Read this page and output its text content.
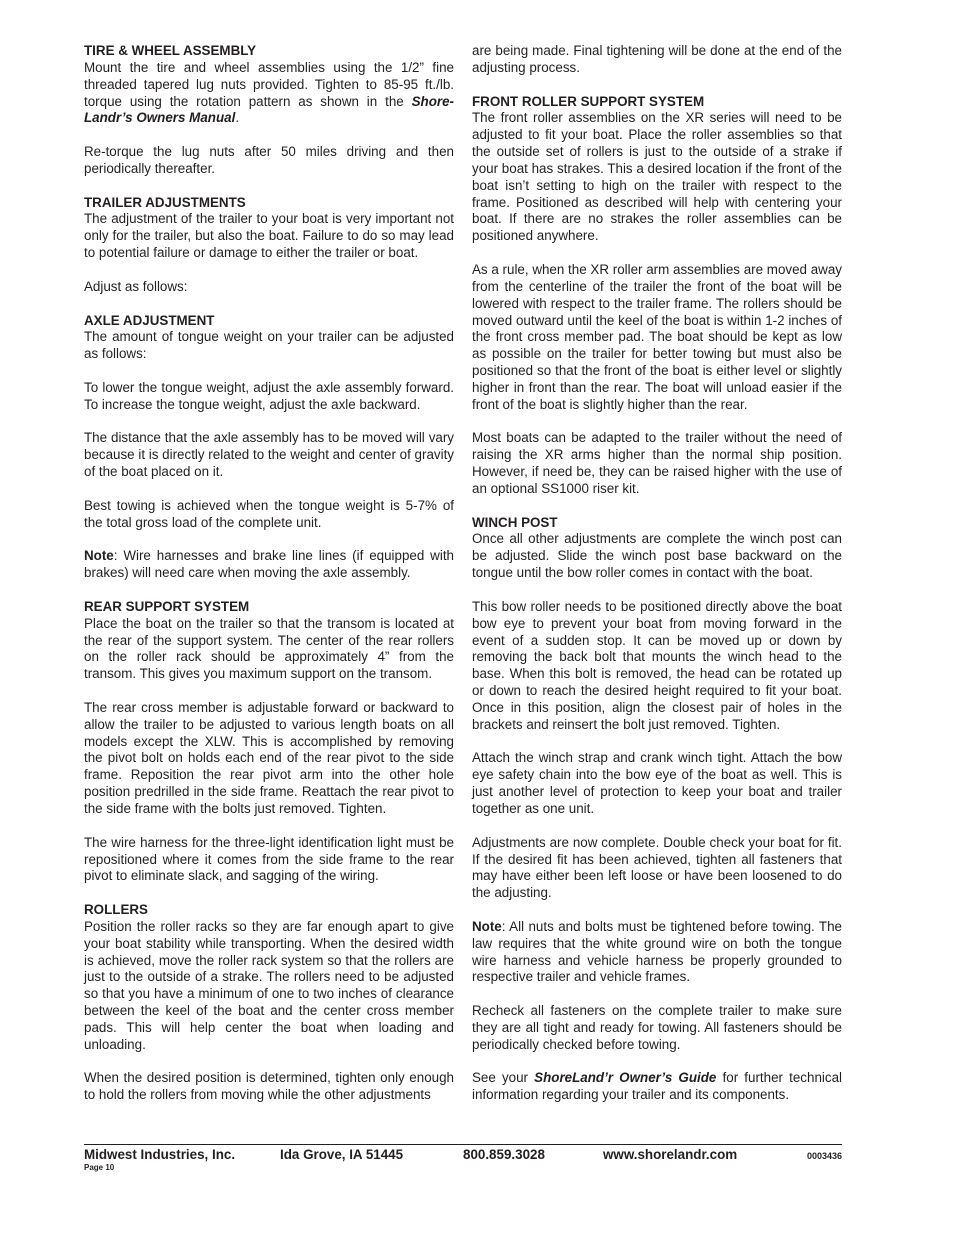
TIRE & WHEEL ASSEMBLY

Mount the tire and wheel assemblies using the 1/2” fine threaded tapered lug nuts provided. Tighten to 85-95 ft./lb. torque using the rotation pattern as shown in the Shore-Landr’s Owners Manual.

Re-torque the lug nuts after 50 miles driving and then periodically thereafter.

TRAILER ADJUSTMENTS

The adjustment of the trailer to your boat is very important not only for the trailer, but also the boat. Failure to do so may lead to potential failure or damage to either the trailer or boat.

Adjust as follows:

AXLE ADJUSTMENT

The amount of tongue weight on your trailer can be adjusted as follows:

To lower the tongue weight, adjust the axle assembly forward. To increase the tongue weight, adjust the axle backward.

The distance that the axle assembly has to be moved will vary because it is directly related to the weight and center of gravity of the boat placed on it.

Best towing is achieved when the tongue weight is 5-7% of the total gross load of the complete unit.

Note: Wire harnesses and brake line lines (if equipped with brakes) will need care when moving the axle assembly.

REAR SUPPORT SYSTEM

Place the boat on the trailer so that the transom is located at the rear of the support system. The center of the rear rollers on the roller rack should be approximately 4” from the transom. This gives you maximum support on the transom.

The rear cross member is adjustable forward or backward to allow the trailer to be adjusted to various length boats on all models except the XLW. This is accomplished by removing the pivot bolt on holds each end of the rear pivot to the side frame. Reposition the rear pivot arm into the other hole position predrilled in the side frame. Reattach the rear pivot to the side frame with the bolts just removed. Tighten.

The wire harness for the three-light identification light must be repositioned where it comes from the side frame to the rear pivot to eliminate slack, and sagging of the wiring.

ROLLERS

Position the roller racks so they are far enough apart to give your boat stability while transporting. When the desired width is achieved, move the roller rack system so that the rollers are just to the outside of a strake. The rollers need to be adjusted so that you have a minimum of one to two inches of clearance between the keel of the boat and the center cross member pads. This will help center the boat when loading and unloading.

When the desired position is determined, tighten only enough to hold the rollers from moving while the other adjustments

are being made. Final tightening will be done at the end of the adjusting process.

FRONT ROLLER SUPPORT SYSTEM

The front roller assemblies on the XR series will need to be adjusted to fit your boat. Place the roller assemblies so that the outside set of rollers is just to the outside of a strake if your boat has strakes. This a desired location if the front of the boat isn’t setting to high on the trailer with respect to the frame. Positioned as described will help with centering your boat. If there are no strakes the roller assemblies can be positioned anywhere.

As a rule, when the XR roller arm assemblies are moved away from the centerline of the trailer the front of the boat will be lowered with respect to the trailer frame. The rollers should be moved outward until the keel of the boat is within 1-2 inches of the front cross member pad. The boat should be kept as low as possible on the trailer for better towing but must also be positioned so that the front of the boat is either level or slightly higher in front than the rear. The boat will unload easier if the front of the boat is slightly higher than the rear.

Most boats can be adapted to the trailer without the need of raising the XR arms higher than the normal ship position. However, if need be, they can be raised higher with the use of an optional SS1000 riser kit.

WINCH POST

Once all other adjustments are complete the winch post can be adjusted. Slide the winch post base backward on the tongue until the bow roller comes in contact with the boat.

This bow roller needs to be positioned directly above the boat bow eye to prevent your boat from moving forward in the event of a sudden stop. It can be moved up or down by removing the back bolt that mounts the winch head to the base. When this bolt is removed, the head can be rotated up or down to reach the desired height required to fit your boat. Once in this position, align the closest pair of holes in the brackets and reinsert the bolt just removed. Tighten.

Attach the winch strap and crank winch tight. Attach the bow eye safety chain into the bow eye of the boat as well. This is just another level of protection to keep your boat and trailer together as one unit.

Adjustments are now complete. Double check your boat for fit. If the desired fit has been achieved, tighten all fasteners that may have either been left loose or have been loosened to do the adjusting.

Note: All nuts and bolts must be tightened before towing. The law requires that the white ground wire on both the tongue wire harness and vehicle harness be properly grounded to respective trailer and vehicle frames.

Recheck all fasteners on the complete trailer to make sure they are all tight and ready for towing. All fasteners should be periodically checked before towing.

See your ShoreLand’r Owner’s Guide for further technical information regarding your trailer and its components.

Midwest Industries, Inc.	Ida Grove, IA 51445	800.859.3028	www.shorelandr.com	0003436
Page 10
